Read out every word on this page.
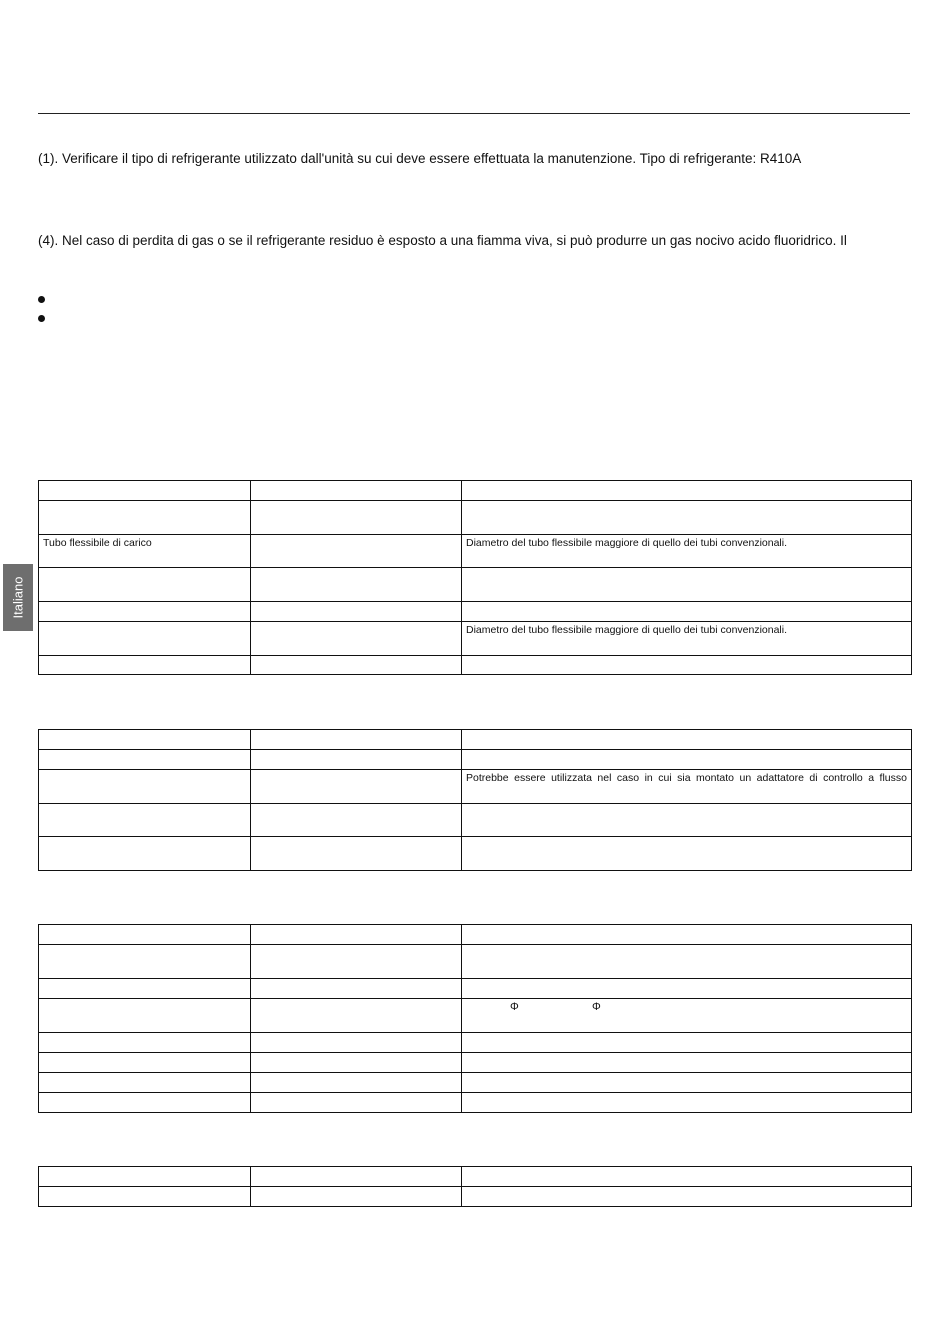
(1). Verificare il tipo di refrigerante utilizzato dall'unità su cui deve essere effettuata la manutenzione. Tipo di refrigerante: R410A
(4). Nel caso di perdita di gas o se il refrigerante residuo è esposto a una fiamma viva, si può produrre un gas nocivo acido fluoridrico. Il
Italiano

Tubo flessibile di carico		Diametro del tubo flessibile maggiore di quello dei tubi convenzionali.

		Diametro del tubo flessibile maggiore di quello dei tubi convenzionali.

		Potrebbe essere utilizzata nel caso in cui sia montato un adattatore di controllo a flusso

		Φ Φ
